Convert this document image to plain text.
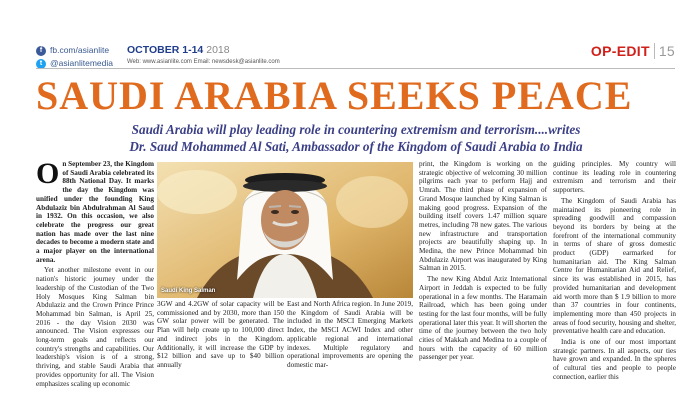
f fb.com/asianlite
t @asianlitemedia
OCTOBER 1-14 2018
Web: www.asianlite.com Email: newsdesk@asianlite.com
OP-EDIT 15
SAUDI ARABIA SEEKS PEACE
Saudi Arabia will play leading role in countering extremism and terrorism....writes
Dr. Saud Mohammed Al Sati, Ambassador of the Kingdom of Saudi Arabia to India

On September 23, the Kingdom of Saudi Arabia celebrated its 88th National Day. It marks the day the Kingdom was unified under the founding King Abdulaziz bin Abdulrahman Al Saud in 1932. On this occasion, we also celebrate the progress our great nation has made over the last nine decades to become a modern state and a major player on the international arena.

Yet another milestone event in our nation's historic journey under the leadership of the Custodian of the Two Holy Mosques King Salman bin Abdulaziz and the Crown Prince Prince Mohammad bin Salman, is April 25, 2016 - the day Vision 2030 was announced. The Vision expresses our long-term goals and reflects our country's strengths and capabilities. Our leadership's vision is of a strong, thriving, and stable Saudi Arabia that provides opportunity for all. The Vision emphasizes scaling up economic

Saudi King Salman

3GW and 4.2GW of solar capacity will be commissioned and by 2030, more than 150 GW solar power will be generated. The Plan will help create up to 100,000 direct and indirect jobs in the Kingdom. Additionally, it will increase the GDP by $12 billion and save up to $40 billion annually

East and North Africa region. In June 2019, the Kingdom of Saudi Arabia will be included in the MSCI Emerging Markets Index, the MSCI ACWI Index and other applicable regional and international indexes. Multiple regulatory and operational improvements are opening the domestic mar-

print, the Kingdom is working on the strategic objective of welcoming 30 million pilgrims each year to perform Hajj and Umrah. The third phase of expansion of Grand Mosque launched by King Salman is making good progress. Expansion of the building itself covers 1.47 million square metres, including 78 new gates. The various new infrastructure and transportation projects are beautifully shaping up. In Medina, the new Prince Mohammad bin Abdulaziz Airport was inaugurated by King Salman in 2015.

The new King Abdul Aziz International Airport in Jeddah is expected to be fully operational in a few months. The Haramain Railroad, which has been going under testing for the last four months, will be fully operational later this year. It will shorten the time of the journey between the two holy cities of Makkah and Medina to a couple of hours with the capacity of 60 million passenger per year.

guiding principles. My country will continue its leading role in countering extremism and terrorism and their supporters.

The Kingdom of Saudi Arabia has maintained its pioneering role in spreading goodwill and compassion beyond its borders by being at the forefront of the international community in terms of share of gross domestic product (GDP) earmarked for humanitarian aid. The King Salman Centre for Humanitarian Aid and Relief, since its was established in 2015, has provided humanitarian and development aid worth more than $ 1.9 billion to more than 37 countries in four continents, implementing more than 450 projects in areas of food security, housing and shelter, preventative health care and education.

India is one of our most important strategic partners. In all aspects, our ties have grown and expanded. In the spheres of cultural ties and people to people connection, earlier this
